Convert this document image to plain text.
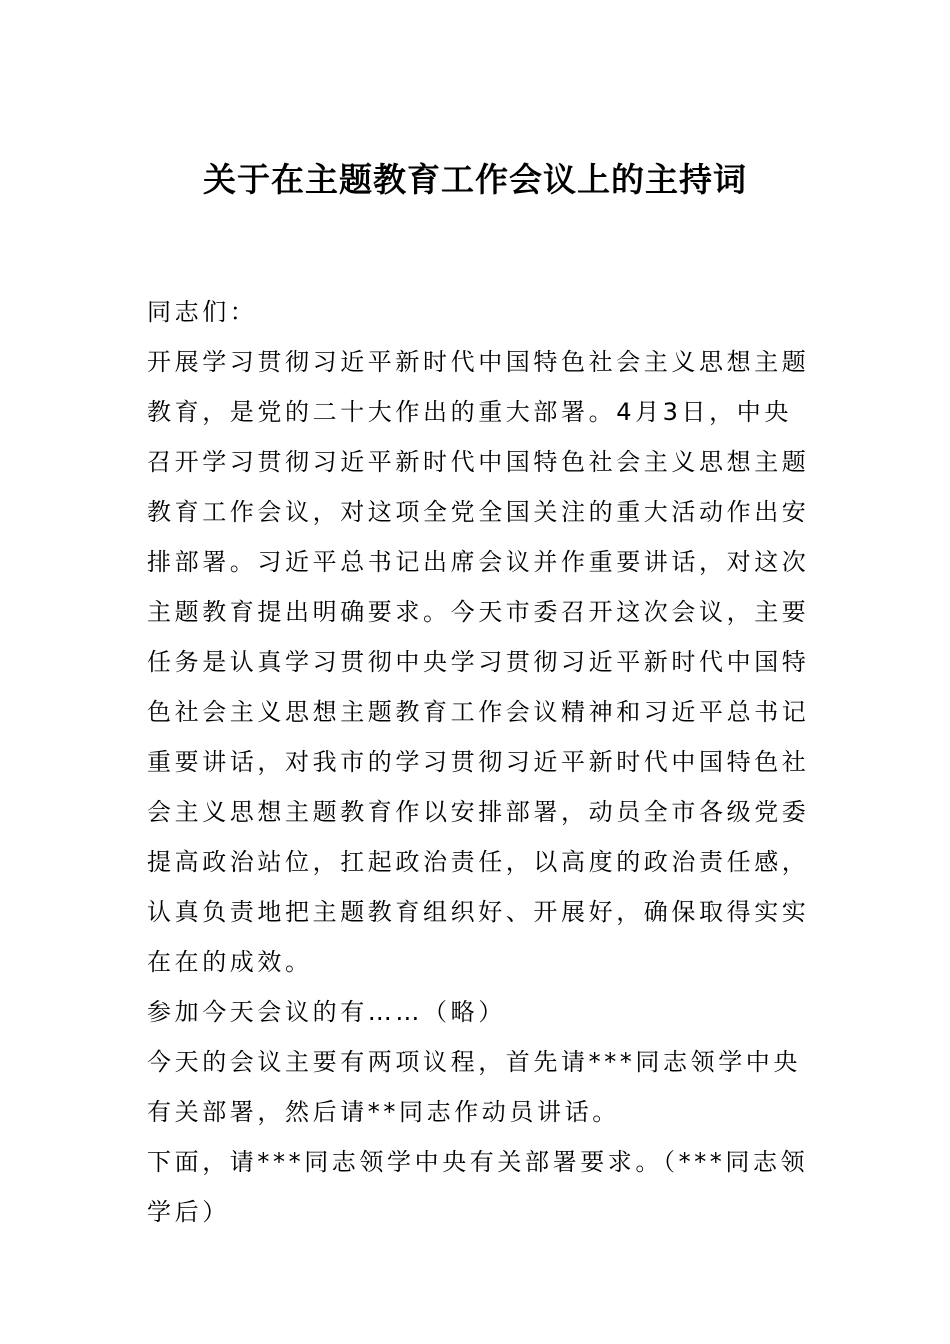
关于在主题教育工作会议上的主持词

同志们：

开展学习贯彻习近平新时代中国特色社会主义思想主题教育，是党的二十大作出的重大部署。4月3日，中央召开学习贯彻习近平新时代中国特色社会主义思想主题教育工作会议，对这项全党全国关注的重大活动作出安排部署。习近平总书记出席会议并作重要讲话，对这次主题教育提出明确要求。今天市委召开这次会议，主要任务是认真学习贯彻中央学习贯彻习近平新时代中国特色社会主义思想主题教育工作会议精神和习近平总书记重要讲话，对我市的学习贯彻习近平新时代中国特色社会主义思想主题教育作以安排部署，动员全市各级党委提高政治站位，扛起政治责任，以高度的政治责任感，认真负责地把主题教育组织好、开展好，确保取得实实在在的成效。

参加今天会议的有……（略）

今天的会议主要有两项议程，首先请***同志领学中央有关部署，然后请**同志作动员讲话。

下面，请***同志领学中央有关部署要求。（***同志领学后）
